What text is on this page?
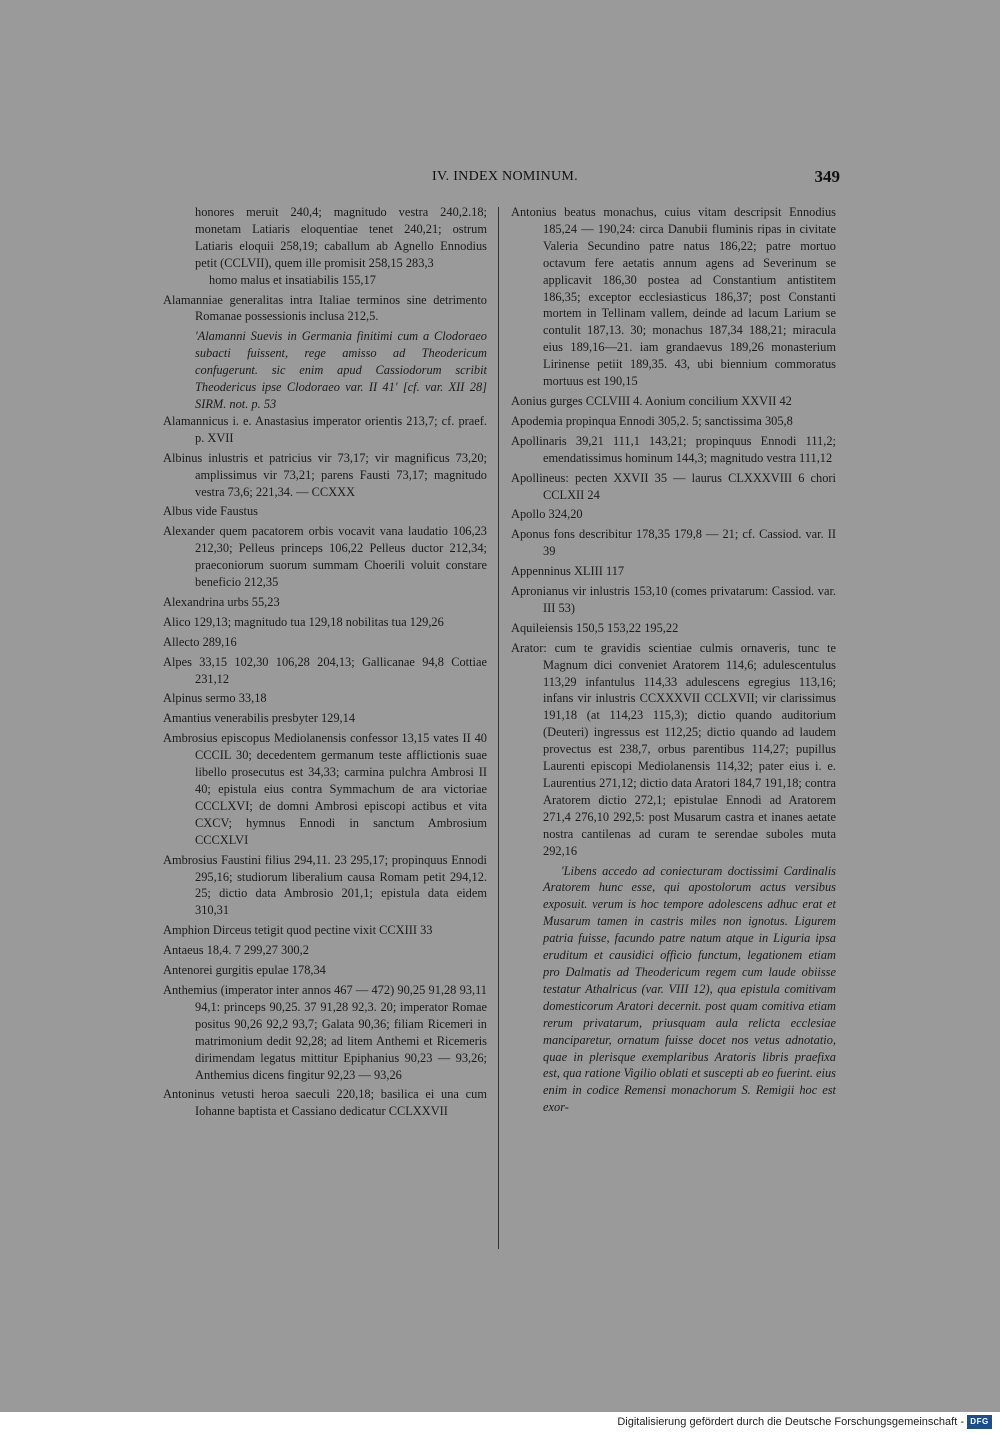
IV. INDEX NOMINUM.	349

honores meruit 240,4; magnitudo vestra 240,2.18; monetam Latiaris eloquentiae tenet 240,21; ostrum Latiaris eloquii 258,19; caballum ab Agnello Ennodius petit (CCLVII), quem ille promisit 258,15 283,3

homo malus et insatiabilis 155,17

Alamanniae generalitas intra Italiae terminos sine detrimento Romanae possessionis inclusa 212,5.

'Alamanni Suevis in Germania finitimi cum a Clodoraeo subacti fuissent, rege amisso ad Theodericum confugerunt. sic enim apud Cassiodorum scribit Theodericus ipse Clodoraeo var. II 41' [cf. var. XII 28] SIRM. not. p. 53

Alamannicus i. e. Anastasius imperator orientis 213,7; cf. praef. p. XVII

Albinus inlustris et patricius vir 73,17; vir magnificus 73,20; amplissimus vir 73,21; parens Fausti 73,17; magnitudo vestra 73,6; 221,34. — CCXXX

Albus vide Faustus

Alexander quem pacatorem orbis vocavit vana laudatio 106,23 212,30; Pelleus princeps 106,22 Pelleus ductor 212,34; praeconiorum suorum summam Choerili voluit constare beneficio 212,35

Alexandrina urbs 55,23

Alico 129,13; magnitudo tua 129,18 nobilitas tua 129,26

Allecto 289,16

Alpes 33,15 102,30 106,28 204,13; Gallicanae 94,8 Cottiae 231,12

Alpinus sermo 33,18

Amantius venerabilis presbyter 129,14

Ambrosius episcopus Mediolanensis confessor 13,15 vates II 40 CCCIL 30; decedentem germanum teste afflictionis suae libello prosecutus est 34,33; carmina pulchra Ambrosi II 40; epistula eius contra Symmachum de ara victoriae CCCLXVI; de domni Ambrosi episcopi actibus et vita CXCV; hymnus Ennodi in sanctum Ambrosium CCCXLVI

Ambrosius Faustini filius 294,11. 23 295,17; propinquus Ennodi 295,16; studiorum liberalium causa Romam petit 294,12. 25; dictio data Ambrosio 201,1; epistula data eidem 310,31

Amphion Dirceus tetigit quod pectine vixit CCXIII 33

Antaeus 18,4. 7 299,27 300,2

Antenorei gurgitis epulae 178,34

Anthemius (imperator inter annos 467 — 472) 90,25 91,28 93,11 94,1: princeps 90,25. 37 91,28 92,3. 20; imperator Romae positus 90,26 92,2 93,7; Galata 90,36; filiam Ricemeri in matrimonium dedit 92,28; ad litem Anthemi et Ricemeris dirimendam legatus mittitur Epiphanius 90,23 — 93,26; Anthemius dicens fingitur 92,23 — 93,26

Antoninus vetusti heroa saeculi 220,18; basilica ei una cum Iohanne baptista et Cassiano dedicatur CCLXXVII

Antonius beatus monachus, cuius vitam descripsit Ennodius 185,24 — 190,24: circa Danubii fluminis ripas in civitate Valeria Secundino patre natus 186,22; patre mortuo octavum fere aetatis annum agens ad Severinum se applicavit 186,30 postea ad Constantium antistitem 186,35; exceptor ecclesiasticus 186,37; post Constanti mortem in Tellinam vallem, deinde ad lacum Larium se contulit 187,13. 30; monachus 187,34 188,21; miracula eius 189,16—21. iam grandaevus 189,26 monasterium Lirinense petiit 189,35. 43, ubi biennium commoratus mortuus est 190,15

Aonius gurges CCLVIII 4. Aonium concilium XXVII 42

Apodemia propinqua Ennodi 305,2. 5; sanctissima 305,8

Apollinaris 39,21 111,1 143,21; propinquus Ennodi 111,2; emendatissimus hominum 144,3; magnitudo vestra 111,12

Apollineus: pecten XXVII 35 — laurus CLXXXVIII 6 chori CCLXII 24

Apollo 324,20

Aponus fons describitur 178,35 179,8 — 21; cf. Cassiod. var. II 39

Appenninus XLIII 117

Apronianus vir inlustris 153,10 (comes privatarum: Cassiod. var. III 53)

Aquileiensis 150,5 153,22 195,22

Arator: cum te gravidis scientiae culmis ornaveris, tunc te Magnum dici conveniet Aratorem 114,6; adulescentulus 113,29 infantulus 114,33 adulescens egregius 113,16; infans vir inlustris CCXXXVII CCLXVII; vir clarissimus 191,18 (at 114,23 115,3); dictio quando auditorium (Deuteri) ingressus est 112,25; dictio quando ad laudem provectus est 238,7, orbus parentibus 114,27; pupillus Laurenti episcopi Mediolanensis 114,32; pater eius i. e. Laurentius 271,12; dictio data Aratori 184,7 191,18; contra Aratorem dictio 272,1; epistulae Ennodi ad Aratorem 271,4 276,10 292,5: post Musarum castra et inanes aetate nostra cantilenas ad curam te serendae suboles muta 292,16

'Libens accedo ad coniecturam doctissimi Cardinalis Aratorem hunc esse, qui apostolorum actus versibus exposuit. verum is hoc tempore adolescens adhuc erat et Musarum tamen in castris miles non ignotus. Ligurem patria fuisse, facundo patre natum atque in Liguria ipsa eruditum et causidici officio functum, legationem etiam pro Dalmatis ad Theodericum regem cum laude obiisse testatur Athalricus (var. VIII 12), qua epistula comitivam domesticorum Aratori decernit. post quam comitiva etiam rerum privatarum, priusquam aula relicta ecclesiae manciparetur, ornatum fuisse docet nos vetus adnotatio, quae in plerisque exemplaribus Aratoris libris praefixa est, qua ratione Vigilio oblati et suscepti ab eo fuerint. eius enim in codice Remensi monachorum S. Remigii hoc est exor-

Digitalisierung gefördert durch die Deutsche Forschungsgemeinschaft - DFG
